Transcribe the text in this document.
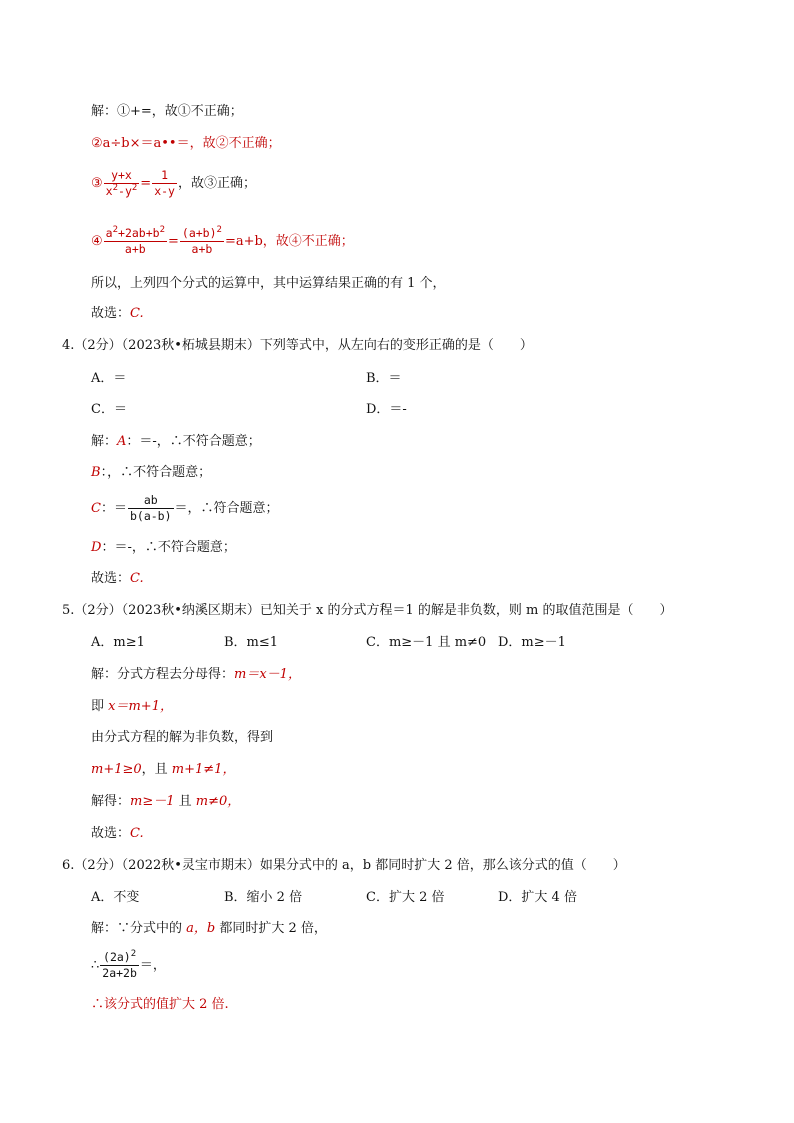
解：①+=，故①不正确；
②a÷b×＝a••＝，故②不正确；
③ $\frac{y+x}{x^2-y^2} = \frac{1}{x-y}$ ，故③正确；
④ $\frac{a^2+2ab+b^2}{a+b} = \frac{(a+b)^2}{a+b} =a+b$，故④不正确；
所以，上列四个分式的运算中，其中运算结果正确的有 1 个，
故选：C.
4.（2分）（2023秋•柘城县期末）下列等式中，从左向右的变形正确的是（　　）
A．＝	B．＝
C．＝	D．＝-
解：A：＝-，∴不符合题意；
B：，∴不符合题意；
C：＝ $\frac{ab}{b(a-b)}$ ＝，∴符合题意；
D：＝-，∴不符合题意；
故选：C.
5.（2分）（2023秋•纳溪区期末）已知关于 x 的分式方程＝1 的解是非负数，则 m 的取值范围是（　　）
A．m≥1	B．m≤1	C．m≥－1 且 m≠0 D．m≥－1
解：分式方程去分母得：m＝x－1，
即 x＝m+1，
由分式方程的解为非负数，得到
m+1≥0，且 m+1≠1，
解得：m≥－1 且 m≠0，
故选：C.
6.（2分）（2022秋•灵宝市期末）如果分式中的 a，b 都同时扩大 2 倍，那么该分式的值（　　）
A．不变	B．缩小 2 倍	C．扩大 2 倍	D．扩大 4 倍
解：∵分式中的 a，b 都同时扩大 2 倍，
∴ $\frac{(2a)^2}{2a+2b}$ ＝，
∴该分式的值扩大 2 倍.
